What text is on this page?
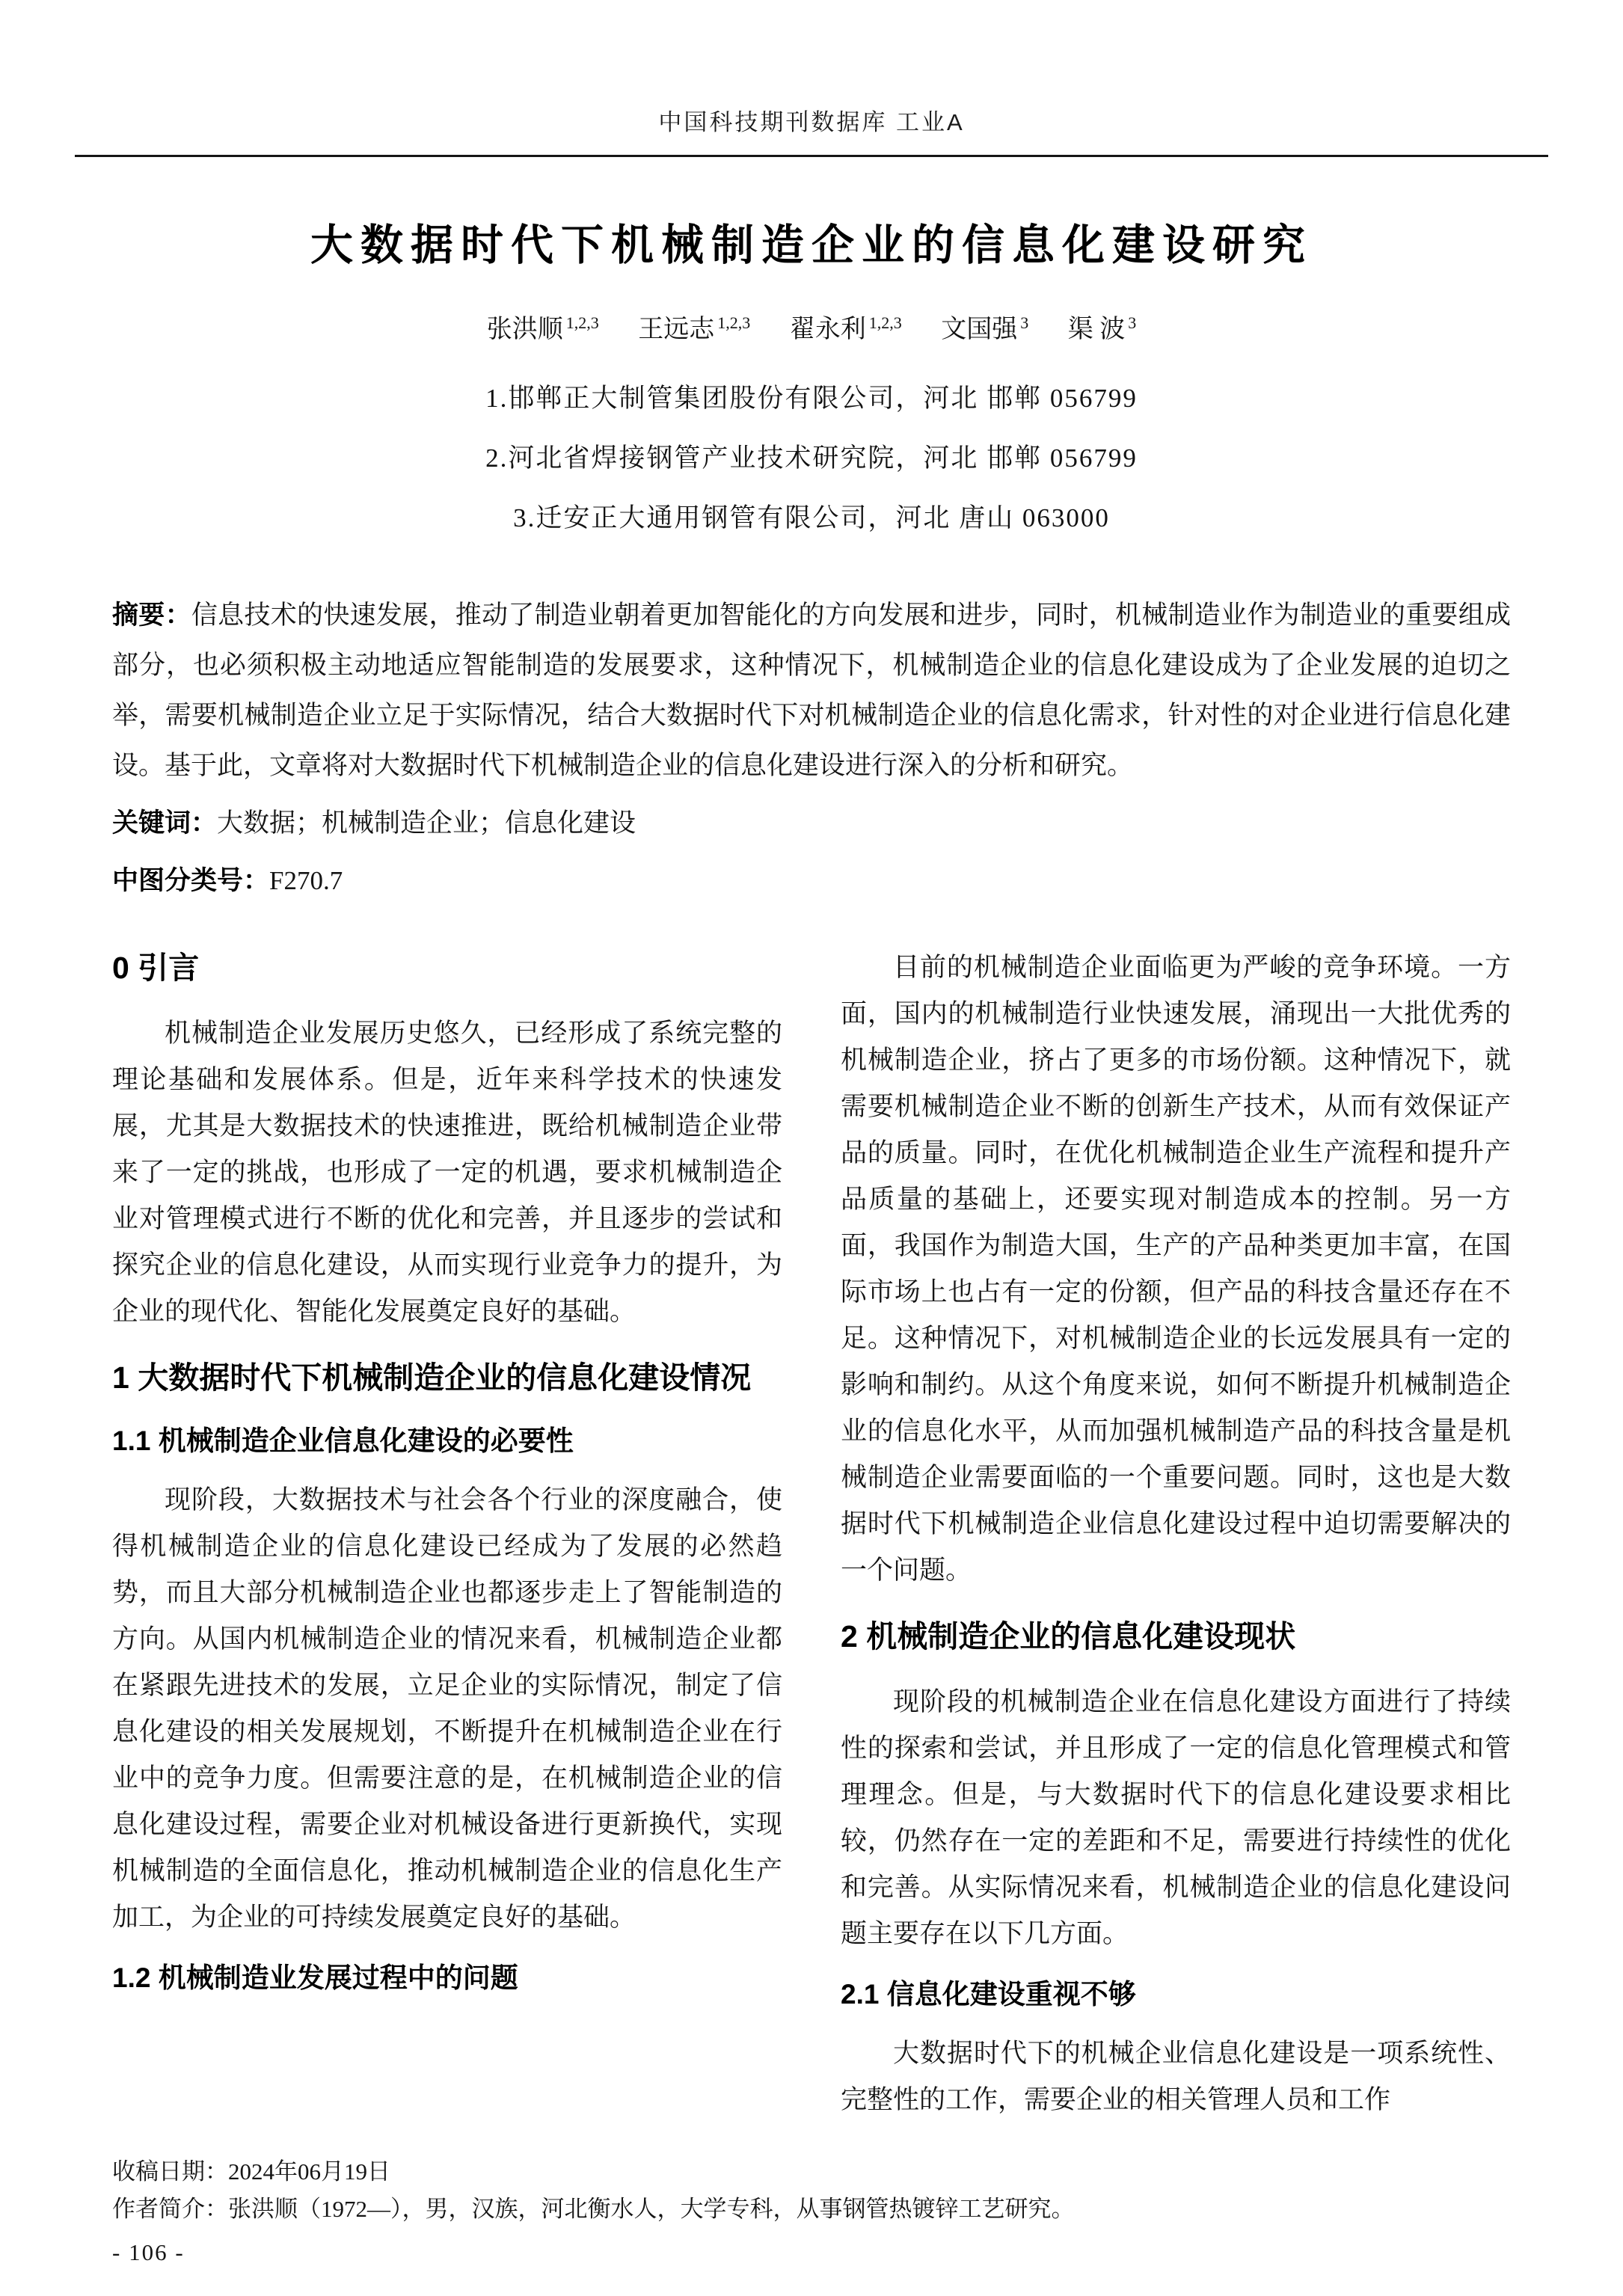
中国科技期刊数据库 工业A
大数据时代下机械制造企业的信息化建设研究
张洪顺 $^{1,2,3}$ 王远志 $^{1,2,3}$ 翟永利 $^{1,2,3}$ 文国强 $^3$ 渠 波 $^3$
1.邯郸正大制管集团股份有限公司，河北 邯郸 056799
2.河北省焊接钢管产业技术研究院，河北 邯郸 056799
3.迁安正大通用钢管有限公司，河北 唐山 063000

摘要：信息技术的快速发展，推动了制造业朝着更加智能化的方向发展和进步，同时，机械制造业作为制造业的重要组成部分，也必须积极主动地适应智能制造的发展要求，这种情况下，机械制造企业的信息化建设成为了企业发展的迫切之举，需要机械制造企业立足于实际情况，结合大数据时代下对机械制造企业的信息化需求，针对性的对企业进行信息化建设。基于此，文章将对大数据时代下机械制造企业的信息化建设进行深入的分析和研究。

关键词：大数据；机械制造企业；信息化建设

中图分类号：F270.7

0 引言

机械制造企业发展历史悠久，已经形成了系统完整的理论基础和发展体系。但是，近年来科学技术的快速发展，尤其是大数据技术的快速推进，既给机械制造企业带来了一定的挑战，也形成了一定的机遇，要求机械制造企业对管理模式进行不断的优化和完善，并且逐步的尝试和探究企业的信息化建设，从而实现行业竞争力的提升，为企业的现代化、智能化发展奠定良好的基础。

1 大数据时代下机械制造企业的信息化建设情况
1.1 机械制造企业信息化建设的必要性

现阶段，大数据技术与社会各个行业的深度融合，使得机械制造企业的信息化建设已经成为了发展的必然趋势，而且大部分机械制造企业也都逐步走上了智能制造的方向。从国内机械制造企业的情况来看，机械制造企业都在紧跟先进技术的发展，立足企业的实际情况，制定了信息化建设的相关发展规划，不断提升在机械制造企业在行业中的竞争力度。但需要注意的是，在机械制造企业的信息化建设过程，需要企业对机械设备进行更新换代，实现机械制造的全面信息化，推动机械制造企业的信息化生产加工，为企业的可持续发展奠定良好的基础。

1.2 机械制造业发展过程中的问题

目前的机械制造企业面临更为严峻的竞争环境。一方面，国内的机械制造行业快速发展，涌现出一大批优秀的机械制造企业，挤占了更多的市场份额。这种情况下，就需要机械制造企业不断的创新生产技术，从而有效保证产品的质量。同时，在优化机械制造企业生产流程和提升产品质量的基础上，还要实现对制造成本的控制。另一方面，我国作为制造大国，生产的产品种类更加丰富，在国际市场上也占有一定的份额，但产品的科技含量还存在不足。这种情况下，对机械制造企业的长远发展具有一定的影响和制约。从这个角度来说，如何不断提升机械制造企业的信息化水平，从而加强机械制造产品的科技含量是机械制造企业需要面临的一个重要问题。同时，这也是大数据时代下机械制造企业信息化建设过程中迫切需要解决的一个问题。

2 机械制造企业的信息化建设现状

现阶段的机械制造企业在信息化建设方面进行了持续性的探索和尝试，并且形成了一定的信息化管理模式和管理理念。但是，与大数据时代下的信息化建设要求相比较，仍然存在一定的差距和不足，需要进行持续性的优化和完善。从实际情况来看，机械制造企业的信息化建设问题主要存在以下几方面。

2.1 信息化建设重视不够

大数据时代下的机械企业信息化建设是一项系统性、完整性的工作，需要企业的相关管理人员和工作

收稿日期：2024年06月19日
作者简介：张洪顺（1972—），男，汉族，河北衡水人，大学专科，从事钢管热镀锌工艺研究。
- 106 -
